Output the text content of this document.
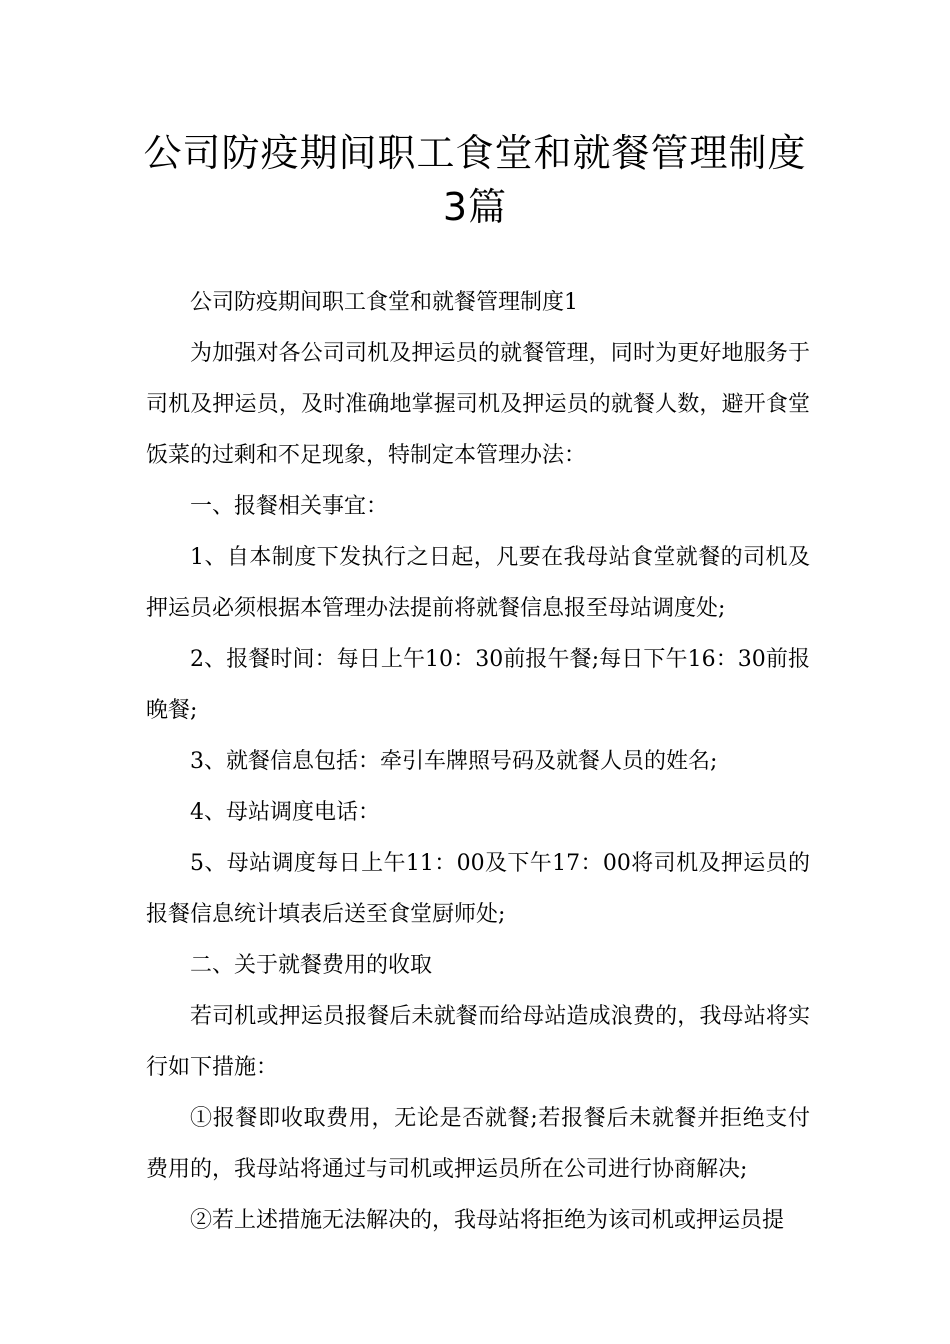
公司防疫期间职工食堂和就餐管理制度
3篇

公司防疫期间职工食堂和就餐管理制度1

为加强对各公司司机及押运员的就餐管理，同时为更好地服务于司机及押运员，及时准确地掌握司机及押运员的就餐人数，避开食堂饭菜的过剩和不足现象，特制定本管理办法：

一、报餐相关事宜：

1、自本制度下发执行之日起，凡要在我母站食堂就餐的司机及押运员必须根据本管理办法提前将就餐信息报至母站调度处;

2、报餐时间：每日上午10：30前报午餐;每日下午16：30前报晚餐;

3、就餐信息包括：牵引车牌照号码及就餐人员的姓名;

4、母站调度电话：

5、母站调度每日上午11：00及下午17：00将司机及押运员的报餐信息统计填表后送至食堂厨师处;

二、关于就餐费用的收取

若司机或押运员报餐后未就餐而给母站造成浪费的，我母站将实行如下措施：

①报餐即收取费用，无论是否就餐;若报餐后未就餐并拒绝支付费用的，我母站将通过与司机或押运员所在公司进行协商解决;

②若上述措施无法解决的，我母站将拒绝为该司机或押运员提
